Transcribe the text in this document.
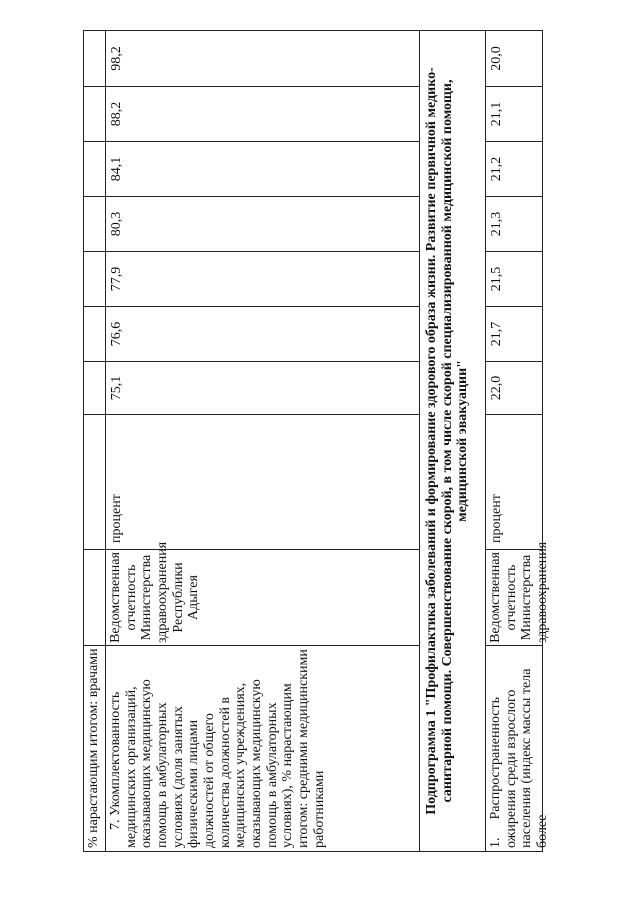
% нарастающим итогом: врачами 7. Укомплектованность медицинских организаций, оказывающих медицинскую помощь в амбулаторных условиях (доля занятых физическими лицами должностей от общего количества должностей в медицинских учреждениях, оказывающих медицинскую помощь в амбулаторных условиях), % нарастающим итогом: средними медицинскими работниками
Ведомственная отчетность Министерства здравоохранения Республики Адыгея
процент
75,1
76,6
77,9
80,3
84,1
88,2
98,2
Подпрограмма 1 "Профилактика заболеваний и формирование здорового образа жизни. Развитие первичной медико-санитарной помощи. Совершенствование скорой, в том числе скорой специализированной медицинской помощи, медицинской эвакуации"
1.Распространенность ожирения среди взрослого населения (индекс массы тела более
Ведомственная отчетность Министерства здравоохранения
процент
22,0
21,7
21,5
21,3
21,2
21,1
20,0
